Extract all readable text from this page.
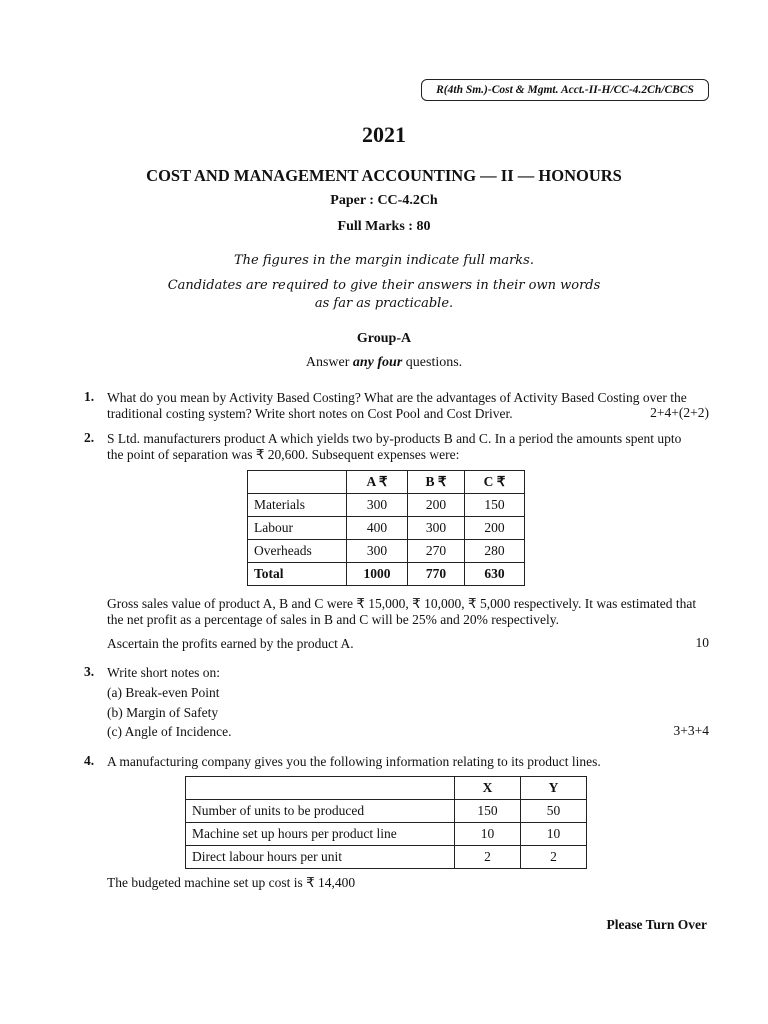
R(4th Sm.)-Cost & Mgmt. Acct.-II-H/CC-4.2Ch/CBCS
2021
COST AND MANAGEMENT ACCOUNTING — II — HONOURS
Paper : CC-4.2Ch
Full Marks : 80
The figures in the margin indicate full marks.
Candidates are required to give their answers in their own words
as far as practicable.
Group-A
Answer any four questions.
1. What do you mean by Activity Based Costing? What are the advantages of Activity Based Costing over the
traditional costing system? Write short notes on Cost Pool and Cost Driver.	2+4+(2+2)
2. S Ltd. manufacturers product A which yields two by-products B and C. In a period the amounts spent upto
the point of separation was ₹ 20,600. Subsequent expenses were:
	A ₹	B ₹	C ₹
Materials	300	200	150
Labour	400	300	200
Overheads	300	270	280
Total	1000	770	630
Gross sales value of product A, B and C were ₹ 15,000, ₹ 10,000, ₹ 5,000 respectively. It was estimated that
the net profit as a percentage of sales in B and C will be 25% and 20% respectively.
Ascertain the profits earned by the product A.	10
3. Write short notes on:
(a) Break-even Point
(b) Margin of Safety
(c) Angle of Incidence.	3+3+4
4. A manufacturing company gives you the following information relating to its product lines.
	X	Y
Number of units to be produced	150	50
Machine set up hours per product line	10	10
Direct labour hours per unit	2	2
The budgeted machine set up cost is ₹ 14,400
Please Turn Over
